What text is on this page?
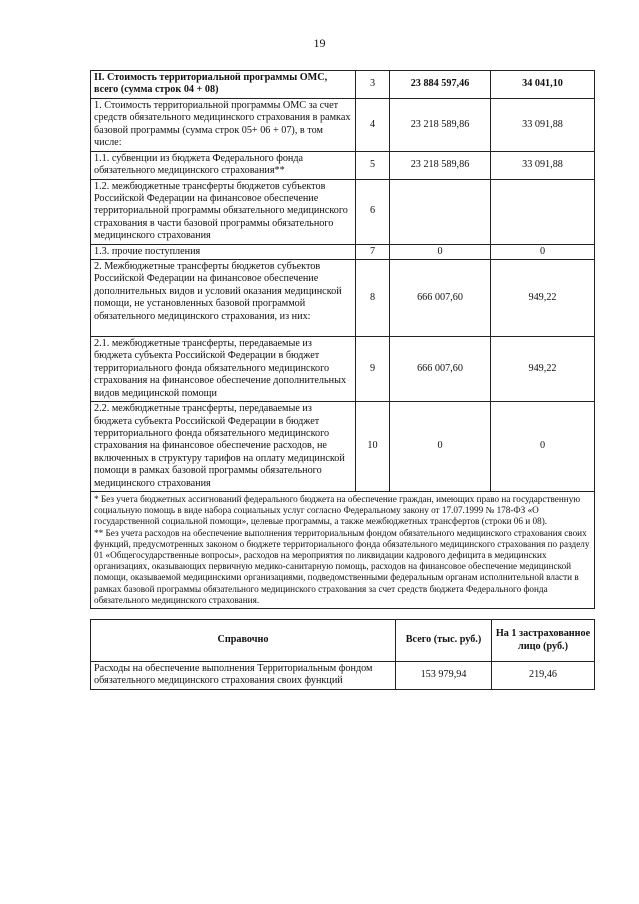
19
II. Стоимость территориальной программы ОМС, всего (сумма строк 04 + 08)	3	23 884 597,46	34 041,10
1. Стоимость территориальной программы ОМС за счет средств обязательного медицинского страхования в рамках базовой программы (сумма строк 05+ 06 + 07), в том числе:	4	23 218 589,86	33 091,88
1.1. субвенции из бюджета Федерального фонда обязательного медицинского страхования**	5	23 218 589,86	33 091,88
1.2. межбюджетные трансферты бюджетов субъектов Российской Федерации на финансовое обеспечение территориальной программы обязательного медицинского страхования в части базовой программы обязательного медицинского страхования	6		
1.3. прочие поступления	7	0	0
2. Межбюджетные трансферты бюджетов субъектов Российской Федерации на финансовое обеспечение дополнительных видов и условий оказания медицинской помощи, не установленных базовой программой обязательного медицинского страхования, из них:	8	666 007,60	949,22
2.1. межбюджетные трансферты, передаваемые из бюджета субъекта Российской Федерации в бюджет территориального фонда обязательного медицинского страхования на финансовое обеспечение дополнительных видов медицинской помощи	9	666 007,60	949,22
2.2. межбюджетные трансферты, передаваемые из бюджета субъекта Российской Федерации в бюджет территориального фонда обязательного медицинского страхования на финансовое обеспечение расходов, не включенных в структуру тарифов на оплату медицинской помощи в рамках базовой программы обязательного медицинского страхования	10	0	0

* Без учета бюджетных ассигнований федерального бюджета на обеспечение граждан, имеющих право на государственную социальную помощь в виде набора социальных услуг согласно Федеральному закону от 17.07.1999 № 178-ФЗ «О государственной социальной помощи», целевые программы, а также межбюджетных трансфертов (строки 06 и 08).
** Без учета расходов на обеспечение выполнения территориальным фондом обязательного медицинского страхования своих функций, предусмотренных законом о бюджете территориального фонда обязательного медицинского страхования по разделу 01 «Общегосударственные вопросы», расходов на мероприятия по ликвидации кадрового дефицита в медицинских организациях, оказывающих первичную медико-санитарную помощь, расходов на финансовое обеспечение медицинской помощи, оказываемой медицинскими организациями, подведомственными федеральным органам исполнительной власти в рамках базовой программы обязательного медицинского страхования за счет средств бюджета Федерального фонда обязательного медицинского страхования.			
Справочно	Всего (тыс. руб.)	На 1 застрахованное лицо (руб.)
Расходы на обеспечение выполнения Территориальным фондом обязательного медицинского страхования своих функций	153 979,94	219,46
